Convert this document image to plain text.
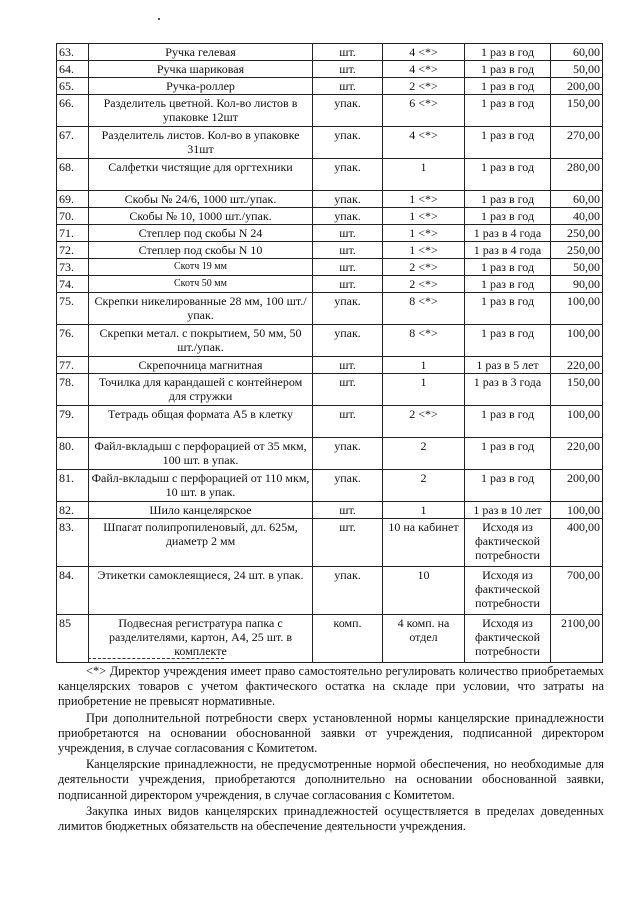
63.	Ручка гелевая	шт.	4 <*>	1 раз в год	60,00
64.	Ручка шариковая	шт.	4 <*>	1 раз в год	50,00
65.	Ручка-роллер	шт.	2 <*>	1 раз в год	200,00
66.	Разделитель цветной. Кол-во листов в упаковке 12шт	упак.	6 <*>	1 раз в год	150,00
67.	Разделитель листов. Кол-во в упаковке 31шт	упак.	4 <*>	1 раз в год	270,00
68.	Салфетки чистящие для оргтехники	упак.	1	1 раз в год	280,00
69.	Скобы № 24/6, 1000 шт./упак.	упак.	1 <*>	1 раз в год	60,00
70.	Скобы № 10, 1000 шт./упак.	упак.	1 <*>	1 раз в год	40,00
71.	Степлер под скобы N 24	шт.	1 <*>	1 раз в 4 года	250,00
72.	Степлер под скобы N 10	шт.	1 <*>	1 раз в 4 года	250,00
73.	Скотч 19 мм	шт.	2 <*>	1 раз в год	50,00
74.	Скотч 50 мм	шт.	2 <*>	1 раз в год	90,00
75.	Скрепки никелированные 28 мм, 100 шт./упак.	упак.	8 <*>	1 раз в год	100,00
76.	Скрепки метал. с покрытием, 50 мм, 50 шт./упак.	упак.	8 <*>	1 раз в год	100,00
77.	Скрепочница магнитная	шт.	1	1 раз в 5 лет	220,00
78.	Точилка для карандашей с контейнером для стружки	шт.	1	1 раз в 3 года	150,00
79.	Тетрадь общая формата А5 в клетку	шт.	2 <*>	1 раз в год	100,00
80.	Файл-вкладыш с перфорацией от 35 мкм, 100 шт. в упак.	упак.	2	1 раз в год	220,00
81.	Файл-вкладыш с перфорацией от 110 мкм, 10 шт. в упак.	упак.	2	1 раз в год	200,00
82.	Шило канцелярское	шт.	1	1 раз в 10 лет	100,00
83.	Шпагат полипропиленовый, дл. 625м, диаметр 2 мм	шт.	10 на кабинет	Исходя из фактической потребности	400,00
84.	Этикетки самоклеящиеся, 24 шт. в упак.	упак.	10	Исходя из фактической потребности	700,00
85	Подвесная регистратура папка с разделителями, картон, А4, 25 шт. в комплекте	комп.	4 комп. на отдел	Исходя из фактической потребности	2100,00

<*> Директор учреждения имеет право самостоятельно регулировать количество приобретаемых канцелярских товаров с учетом фактического остатка на складе при условии, что затраты на приобретение не превысят нормативные.

При дополнительной потребности сверх установленной нормы канцелярские принадлежности приобретаются на основании обоснованной заявки от учреждения, подписанной директором учреждения, в случае согласования с Комитетом.

Канцелярские принадлежности, не предусмотренные нормой обеспечения, но необходимые для деятельности учреждения, приобретаются дополнительно на основании обоснованной заявки, подписанной директором учреждения, в случае согласования с Комитетом.

Закупка иных видов канцелярских принадлежностей осуществляется в пределах доведенных лимитов бюджетных обязательств на обеспечение деятельности учреждения.
